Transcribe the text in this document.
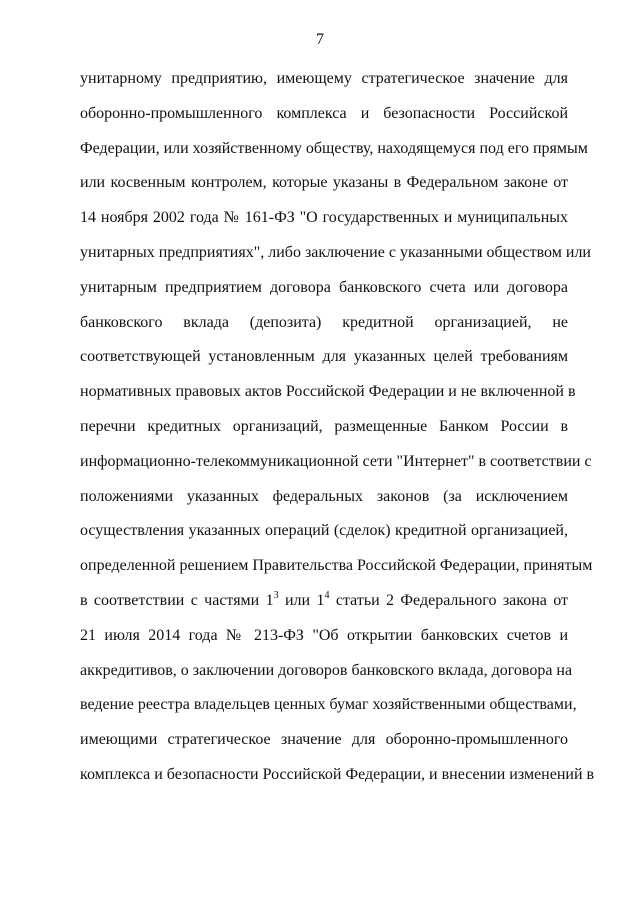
7
унитарному предприятию, имеющему стратегическое значение для
оборонно-промышленного комплекса и безопасности Российской
Федерации, или хозяйственному обществу, находящемуся под его прямым
или косвенным контролем, которые указаны в Федеральном законе от
14 ноября 2002 года № 161-ФЗ "О государственных и муниципальных
унитарных предприятиях", либо заключение с указанными обществом или
унитарным предприятием договора банковского счета или договора
банковского вклада (депозита) кредитной организацией, не
соответствующей установленным для указанных целей требованиям
нормативных правовых актов Российской Федерации и не включенной в
перечни кредитных организаций, размещенные Банком России в
информационно-телекоммуникационной сети "Интернет" в соответствии с
положениями указанных федеральных законов (за исключением
осуществления указанных операций (сделок) кредитной организацией,
определенной решением Правительства Российской Федерации, принятым
в соответствии с частями $1^3$ или $1^4$ статьи 2 Федерального закона от
21 июля 2014 года № 213-ФЗ "Об открытии банковских счетов и
аккредитивов, о заключении договоров банковского вклада, договора на
ведение реестра владельцев ценных бумаг хозяйственными обществами,
имеющими стратегическое значение для оборонно-промышленного
комплекса и безопасности Российской Федерации, и внесении изменений в
